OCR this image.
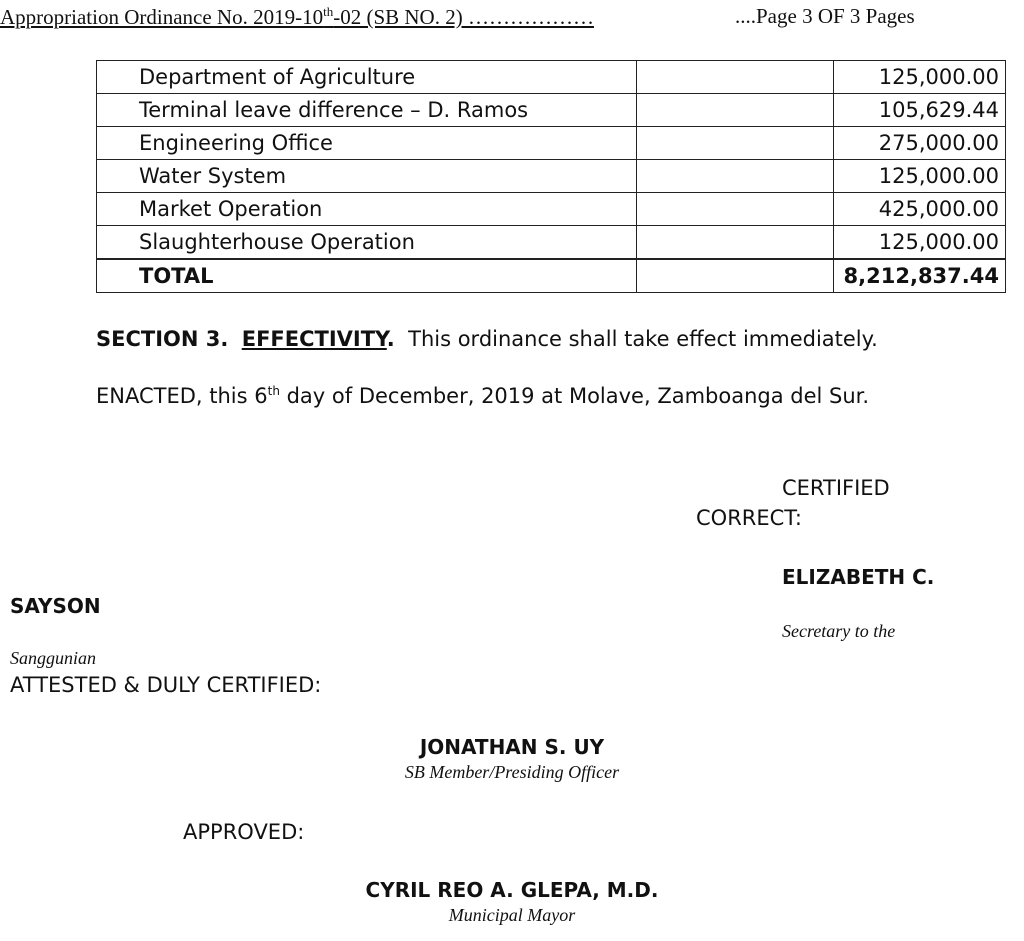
Appropriation Ordinance No. 2019-10th-02 (SB NO. 2) ………………	....Page 3 OF 3 Pages
Department of Agriculture		125,000.00
Terminal leave difference – D. Ramos		105,629.44
Engineering Office		275,000.00
Water System		125,000.00
Market Operation		425,000.00
Slaughterhouse Operation		125,000.00
TOTAL		8,212,837.44
SECTION 3. EFFECTIVITY. This ordinance shall take effect immediately.
ENACTED, this 6th day of December, 2019 at Molave, Zamboanga del Sur.
CERTIFIED
CORRECT:
ELIZABETH C.
SAYSON
Secretary to the
Sanggunian
ATTESTED & DULY CERTIFIED:
JONATHAN S. UY
SB Member/Presiding Officer
APPROVED:
CYRIL REO A. GLEPA, M.D.
Municipal Mayor
